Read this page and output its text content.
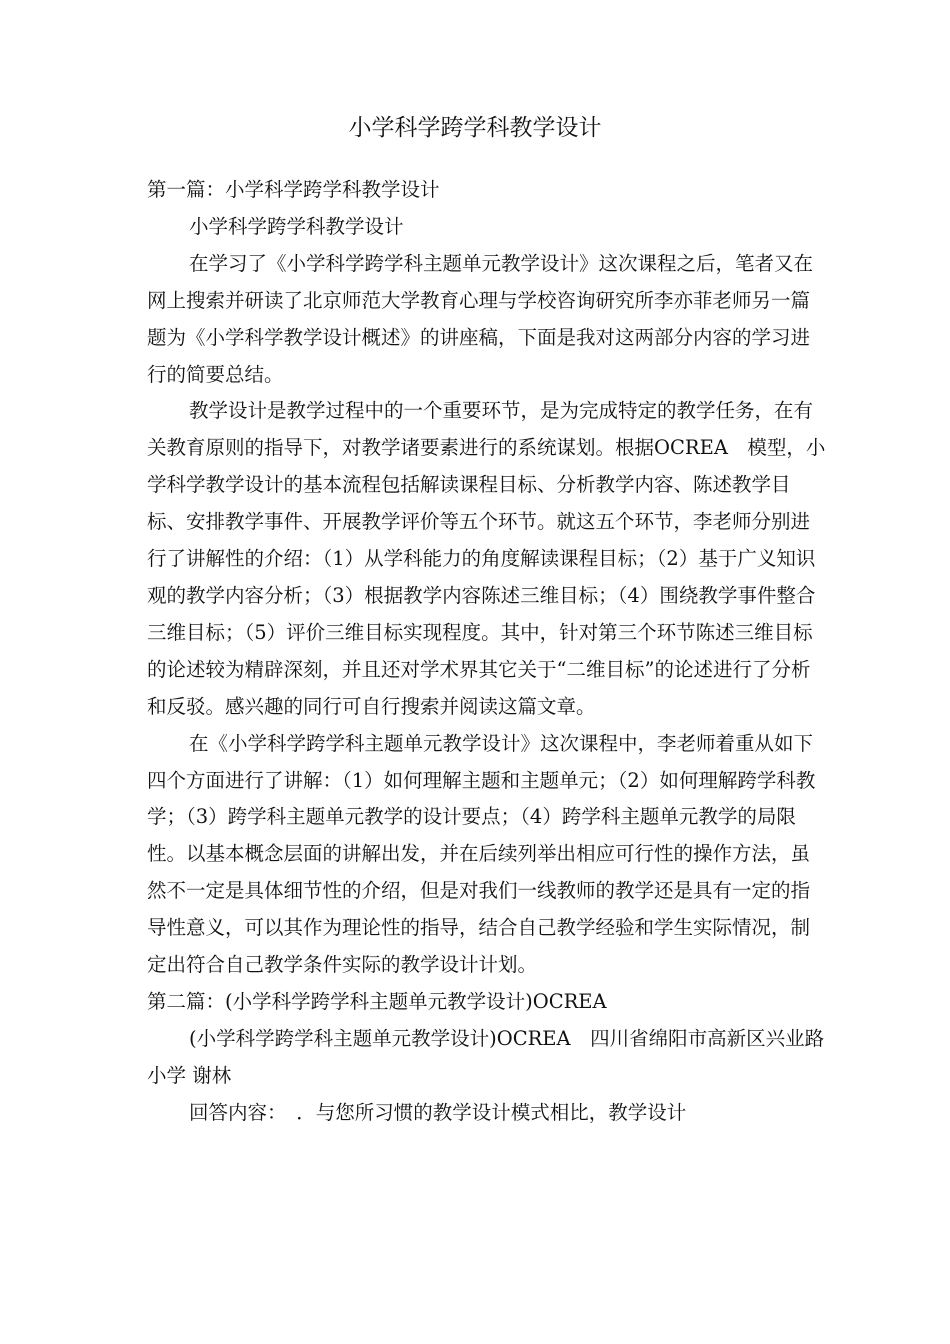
小学科学跨学科教学设计

第一篇：小学科学跨学科教学设计

小学科学跨学科教学设计

在学习了《小学科学跨学科主题单元教学设计》这次课程之后，笔者又在网上搜索并研读了北京师范大学教育心理与学校咨询研究所李亦菲老师另一篇题为《小学科学教学设计概述》的讲座稿，下面是我对这两部分内容的学习进行的简要总结。

教学设计是教学过程中的一个重要环节，是为完成特定的教学任务，在有关教育原则的指导下，对教学诸要素进行的系统谋划。根据OCREA　模型，小学科学教学设计的基本流程包括解读课程目标、分析教学内容、陈述教学目标、安排教学事件、开展教学评价等五个环节。就这五个环节，李老师分别进行了讲解性的介绍：（1）从学科能力的角度解读课程目标；（2）基于广义知识观的教学内容分析；（3）根据教学内容陈述三维目标；（4）围绕教学事件整合三维目标；（5）评价三维目标实现程度。其中，针对第三个环节陈述三维目标的论述较为精辟深刻，并且还对学术界其它关于“二维目标”的论述进行了分析和反驳。感兴趣的同行可自行搜索并阅读这篇文章。

在《小学科学跨学科主题单元教学设计》这次课程中，李老师着重从如下四个方面进行了讲解：（1）如何理解主题和主题单元；（2）如何理解跨学科教学；（3）跨学科主题单元教学的设计要点；（4）跨学科主题单元教学的局限性。以基本概念层面的讲解出发，并在后续列举出相应可行性的操作方法，虽然不一定是具体细节性的介绍，但是对我们一线教师的教学还是具有一定的指导性意义，可以其作为理论性的指导，结合自己教学经验和学生实际情况，制定出符合自己教学条件实际的教学设计计划。

第二篇：(小学科学跨学科主题单元教学设计)OCREA

(小学科学跨学科主题单元教学设计)OCREA　四川省绵阳市高新区兴业路小学 谢林

回答内容：　．与您所习惯的教学设计模式相比，教学设计
